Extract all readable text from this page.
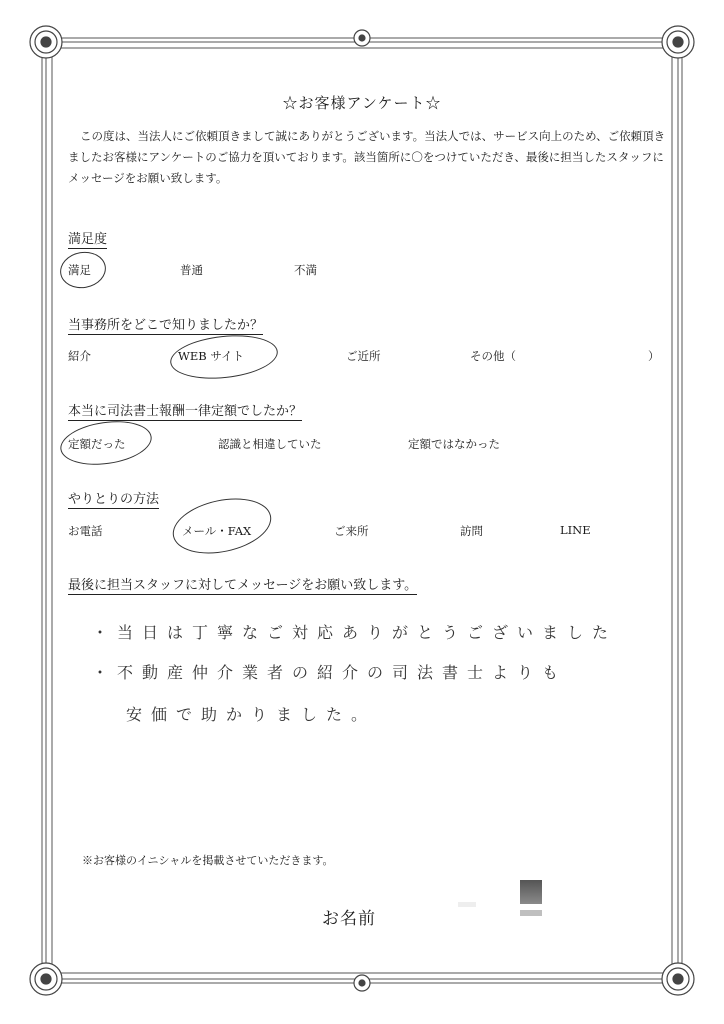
☆お客様アンケート☆
この度は、当法人にご依頼頂きまして誠にありがとうございます。当法人では、サービス向上のため、ご依頼頂きましたお客様にアンケートのご協力を頂いております。該当箇所に〇をつけていただき、最後に担当したスタッフにメッセージをお願い致します。
満足度
満足	普通	不満
当事務所をどこで知りましたか？
紹介	WEB サイト	ご近所	その他（	）
本当に司法書士報酬一律定額でしたか？
定額だった	認識と相違していた	定額ではなかった
やりとりの方法
お電話	メール・FAX	ご来所	訪問	LINE
最後に担当スタッフに対してメッセージをお願い致します。
・当日は丁寧なご対応ありがとうございました
・不動産仲介業者の紹介の司法書士よりも
安価で助かりました。
※お客様のイニシャルを掲載させていただきます。
お名前
